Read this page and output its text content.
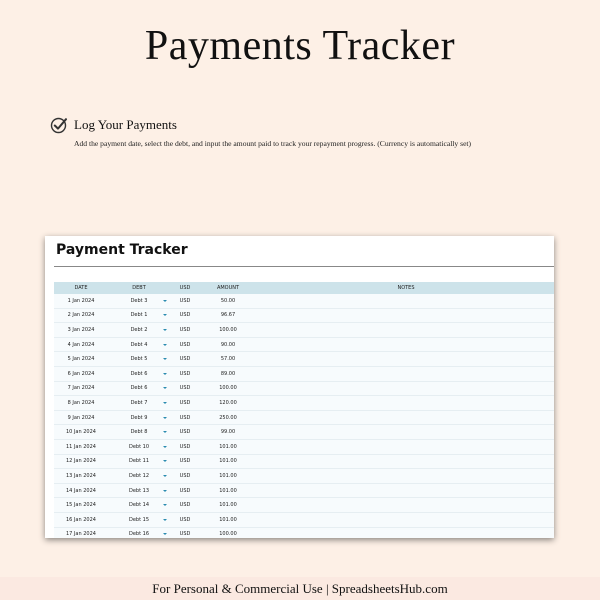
Payments Tracker
Log Your Payments
Add the payment date, select the debt, and input the amount paid to track your repayment progress. (Currency is automatically set)
Payment Tracker
DATE	DEBT	USD	AMOUNT	NOTES
1 Jan 2024	Debt 3	USD	50.00
2 Jan 2024	Debt 1	USD	96.67
3 Jan 2024	Debt 2	USD	100.00
4 Jan 2024	Debt 4	USD	90.00
5 Jan 2024	Debt 5	USD	57.00
6 Jan 2024	Debt 6	USD	89.00
7 Jan 2024	Debt 6	USD	100.00
8 Jan 2024	Debt 7	USD	120.00
9 Jan 2024	Debt 9	USD	250.00
10 Jan 2024	Debt 8	USD	99.00
11 Jan 2024	Debt 10	USD	101.00
12 Jan 2024	Debt 11	USD	101.00
13 Jan 2024	Debt 12	USD	101.00
14 Jan 2024	Debt 13	USD	101.00
15 Jan 2024	Debt 14	USD	101.00
16 Jan 2024	Debt 15	USD	101.00
17 Jan 2024	Debt 16	USD	100.00
For Personal & Commercial Use | SpreadsheetsHub.com
